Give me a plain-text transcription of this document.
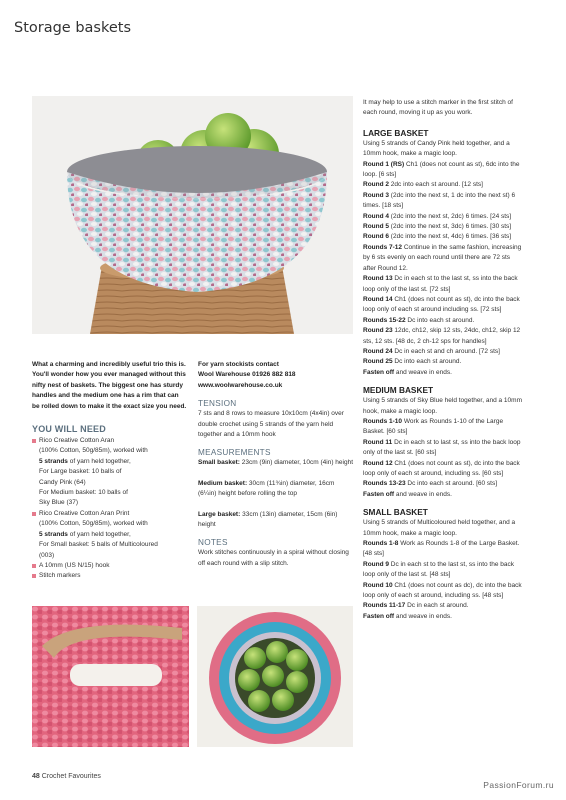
Storage baskets

What a charming and incredibly useful trio this is. You'll wonder how you ever managed without this nifty nest of baskets. The biggest one has sturdy handles and the medium one has a rim that can be rolled down to make it the exact size you need.

YOU WILL NEED
Rico Creative Cotton Aran
(100% Cotton, 50g/85m), worked with
5 strands of yarn held together,
For Large basket: 10 balls of
Candy Pink (64)
For Medium basket: 10 balls of
Sky Blue (37)
Rico Creative Cotton Aran Print
(100% Cotton, 50g/85m), worked with
5 strands of yarn held together,
For Small basket: 5 balls of Multicoloured
(003)
A 10mm (US N/15) hook
Stitch markers
For yarn stockists contact
Wool Warehouse 01926 882 818
www.woolwarehouse.co.uk
TENSION

7 sts and 8 rows to measure 10x10cm (4x4in) over double crochet using 5 strands of the yarn held together and a 10mm hook

MEASUREMENTS

Small basket: 23cm (9in) diameter, 10cm (4in) height

Medium basket: 30cm (11¾in) diameter, 16cm (6¼in) height before rolling the top

Large basket: 33cm (13in) diameter, 15cm (6in) height

NOTES

Work stitches continuously in a spiral without closing off each round with a slip stitch.

It may help to use a stitch marker in the first stitch of each round, moving it up as you work.

LARGE BASKET

Using 5 strands of Candy Pink held together, and a 10mm hook, make a magic loop.

Round 1 (RS) Ch1 (does not count as st), 6dc into the loop. [6 sts]

Round 2 2dc into each st around. [12 sts]

Round 3 (2dc into the next st, 1 dc into the next st) 6 times. [18 sts]

Round 4 (2dc into the next st, 2dc) 6 times. [24 sts]

Round 5 (2dc into the next st, 3dc) 6 times. [30 sts]

Round 6 (2dc into the next st, 4dc) 6 times. [36 sts]

Rounds 7-12 Continue in the same fashion, increasing by 6 sts evenly on each round until there are 72 sts after Round 12.

Round 13 Dc in each st to the last st, ss into the back loop only of the last st. [72 sts]

Round 14 Ch1 (does not count as st), dc into the back loop only of each st around including ss. [72 sts]

Rounds 15-22 Dc into each st around.

Round 23 12dc, ch12, skip 12 sts, 24dc, ch12, skip 12 sts, 12 sts. [48 dc, 2 ch-12 sps for handles]

Round 24 Dc in each st and ch around. [72 sts]

Round 25 Dc into each st around.

Fasten off and weave in ends.

MEDIUM BASKET

Using 5 strands of Sky Blue held together, and a 10mm hook, make a magic loop.

Rounds 1-10 Work as Rounds 1-10 of the Large Basket. [60 sts]

Round 11 Dc in each st to last st, ss into the back loop only of the last st. [60 sts]

Round 12 Ch1 (does not count as st), dc into the back loop only of each st around, including ss. [60 sts]

Rounds 13-23 Dc into each st around. [60 sts]

Fasten off and weave in ends.

SMALL BASKET

Using 5 strands of Multicoloured held together, and a 10mm hook, make a magic loop.

Rounds 1-8 Work as Rounds 1-8 of the Large Basket. [48 sts]

Round 9 Dc in each st to the last st, ss into the back loop only of the last st. [48 sts]

Round 10 Ch1 (does not count as dc), dc into the back loop only of each st around, including ss. [48 sts]

Rounds 11-17 Dc in each st around.

Fasten off and weave in ends.

48 Crochet Favourites
PassionForum.ru
